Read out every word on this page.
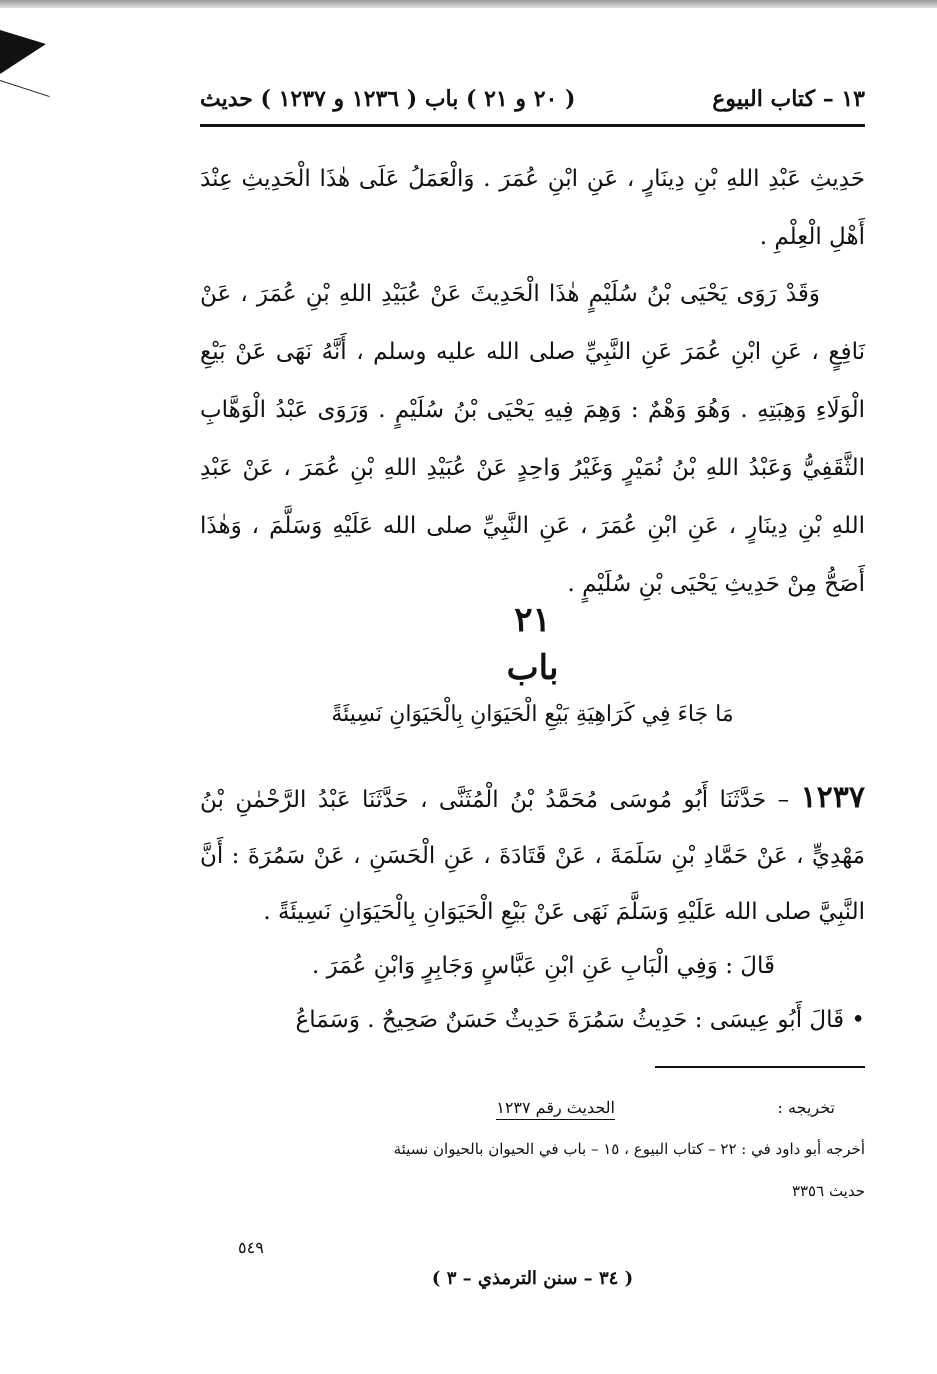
١٣ – كتاب البيوع
( ٢٠ و ٢١ ) باب ( ١٢٣٦ و ١٢٣٧ ) حديث
حَدِيثِ عَبْدِ اللهِ بْنِ دِينَارٍ ، عَنِ ابْنِ عُمَرَ . وَالْعَمَلُ عَلَى هٰذَا الْحَدِيثِ عِنْدَ أَهْلِ الْعِلْمِ .
وَقَدْ رَوَى يَحْيَى بْنُ سُلَيْمٍ هٰذَا الْحَدِيثَ عَنْ عُبَيْدِ اللهِ بْنِ عُمَرَ ، عَنْ نَافِعٍ ، عَنِ ابْنِ عُمَرَ عَنِ النَّبِيِّ صلى الله عليه وسلم ، أَنَّهُ نَهَى عَنْ بَيْعِ الْوَلَاءِ وَهِبَتِهِ . وَهُوَ وَهْمٌ : وَهِمَ فِيهِ يَحْيَى بْنُ سُلَيْمٍ . وَرَوَى عَبْدُ الْوَهَّابِ الثَّقَفِيُّ وَعَبْدُ اللهِ بْنُ نُمَيْرٍ وَغَيْرُ وَاحِدٍ عَنْ عُبَيْدِ اللهِ بْنِ عُمَرَ ، عَنْ عَبْدِ اللهِ بْنِ دِينَارٍ ، عَنِ ابْنِ عُمَرَ ، عَنِ النَّبِيِّ صلى الله عَلَيْهِ وَسَلَّمَ ، وَهٰذَا أَصَحُّ مِنْ حَدِيثِ يَحْيَى بْنِ سُلَيْمٍ .
٢١
باب
مَا جَاءَ فِي كَرَاهِيَةِ بَيْعِ الْحَيَوَانِ بِالْحَيَوَانِ نَسِيئَةً
١٢٣٧ – حَدَّثَنَا أَبُو مُوسَى مُحَمَّدُ بْنُ الْمُثَنَّى ، حَدَّثَنَا عَبْدُ الرَّحْمٰنِ بْنُ مَهْدِيٍّ ، عَنْ حَمَّادِ بْنِ سَلَمَةَ ، عَنْ قَتَادَةَ ، عَنِ الْحَسَنِ ، عَنْ سَمُرَةَ : أَنَّ النَّبِيَّ صلى الله عَلَيْهِ وَسَلَّمَ نَهَى عَنْ بَيْعِ الْحَيَوَانِ بِالْحَيَوَانِ نَسِيئَةً .
قَالَ : وَفِي الْبَابِ عَنِ ابْنِ عَبَّاسٍ وَجَابِرٍ وَابْنِ عُمَرَ .
• قَالَ أَبُو عِيسَى : حَدِيثُ سَمُرَةَ حَدِيثٌ حَسَنٌ صَحِيحٌ . وَسَمَاعُ
تخريجه :
الحديث رقم ١٢٣٧
أخرجه أبو داود في : ٢٢ – كتاب البيوع ، ١٥ – باب في الحيوان بالحيوان نسيئة
حديث ٣٣٥٦
٥٤٩
( ٣٤ – سنن الترمذي – ٣ )
